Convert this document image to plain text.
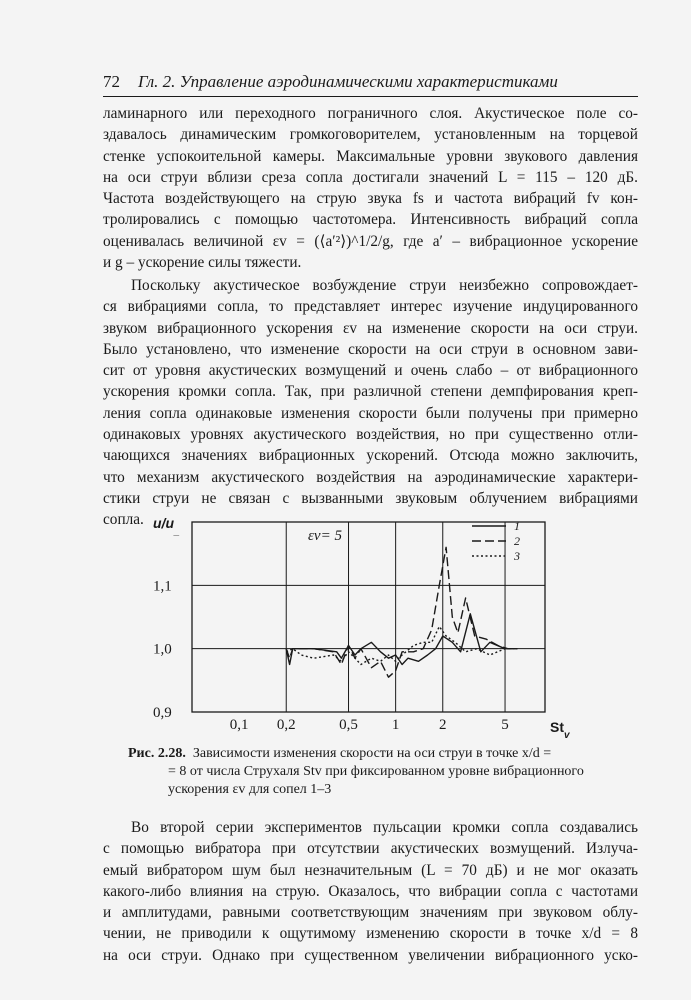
72 Гл. 2. Управление аэродинамическими характеристиками
ламинарного или переходного пограничного слоя. Акустическое поле со-
здавалось динамическим громкоговорителем, установленным на торцевой
стенке успокоительной камеры. Максимальные уровни звукового давления
на оси струи вблизи среза сопла достигали значений L = 115 – 120 дБ.
Частота воздействующего на струю звука fs и частота вибраций fv кон-
тролировались с помощью частотомера. Интенсивность вибраций сопла
оценивалась величиной εv = (⟨a′²⟩)^1/2/g, где a′ – вибрационное ускорение
и g – ускорение силы тяжести.
Поскольку акустическое возбуждение струи неизбежно сопровождает-
ся вибрациями сопла, то представляет интерес изучение индуцированного
звуком вибрационного ускорения εv на изменение скорости на оси струи.
Было установлено, что изменение скорости на оси струи в основном зави-
сит от уровня акустических возмущений и очень слабо – от вибрационного
ускорения кромки сопла. Так, при различной степени демпфирования креп-
ления сопла одинаковые изменения скорости были получены при примерно
одинаковых уровнях акустического воздействия, но при существенно отли-
чающихся значениях вибрационных ускорений. Отсюда можно заключить,
что механизм акустического воздействия на аэродинамические характери-
стики струи не связан с вызванными звуковым облучением вибрациями
сопла.	1
2
3
0,9
1,0
1,1
0,1 0,2	0,5 1	2	5
$u/u_{\_}$
$St_v$
εv= 5
Рис. 2.28. Зависимости изменения скорости на оси струи в точке x/d =
= 8 от числа Струхаля Stv при фиксированном уровне вибрационного
ускорения εv для сопел 1–3
Во второй серии экспериментов пульсации кромки сопла создавались
с помощью вибратора при отсутствии акустических возмущений. Излуча-
емый вибратором шум был незначительным (L = 70 дБ) и не мог оказать
какого-либо влияния на струю. Оказалось, что вибрации сопла с частотами
и амплитудами, равными соответствующим значениям при звуковом облу-
чении, не приводили к ощутимому изменению скорости в точке x/d = 8
на оси струи. Однако при существенном увеличении вибрационного уско-
